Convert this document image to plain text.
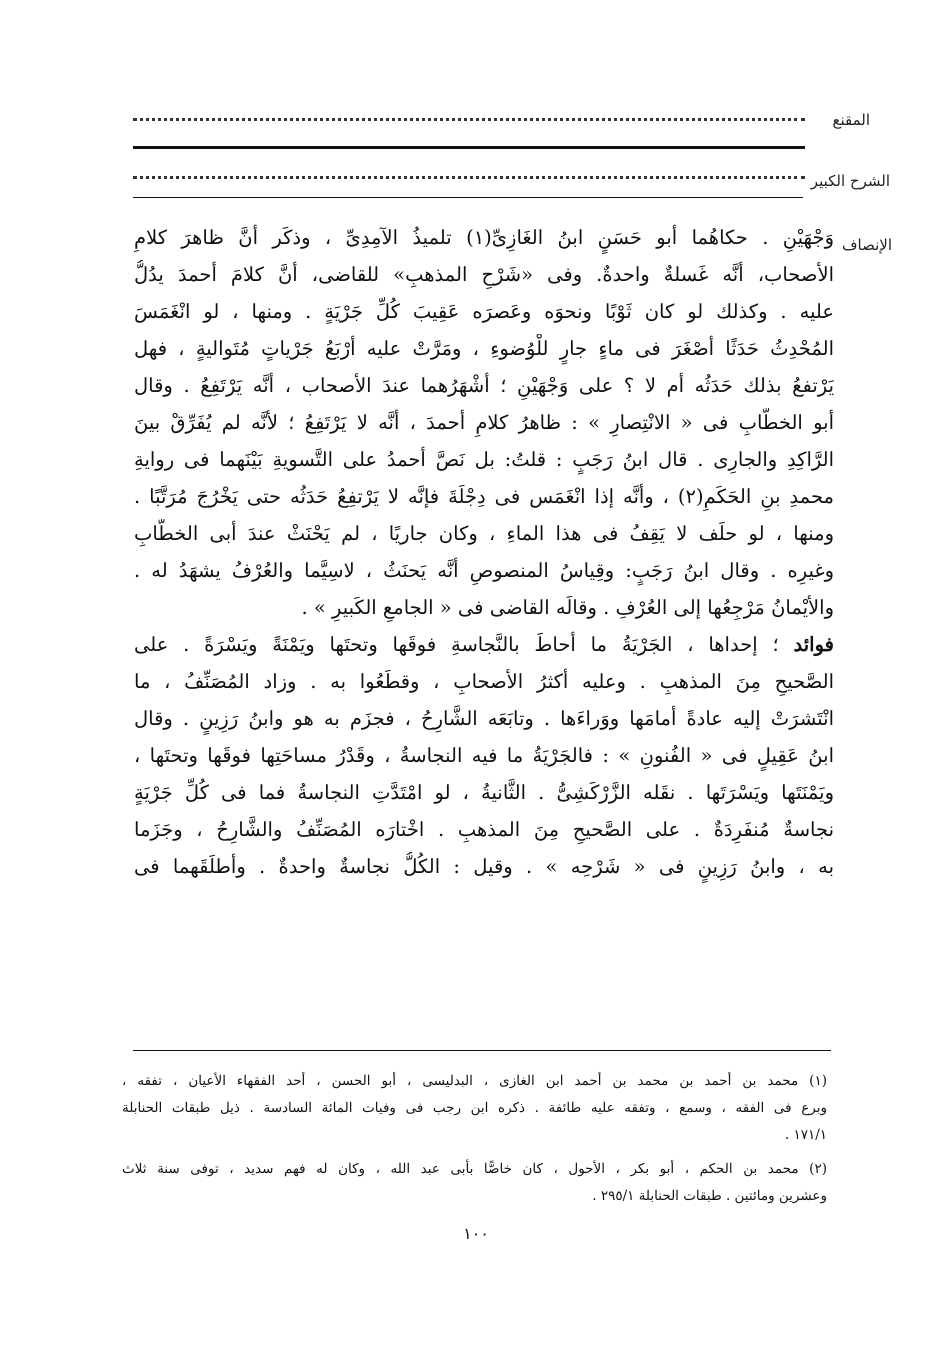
المقنع
الشرح الكبير
الإنصاف
وَجْهَيْنِ . حكاهُما أبو حَسَنٍ ابنُ الغَازِىِّ(١) تلميذُ الآمِدِىِّ ، وذكَر أنَّ ظاهرَ كلامِ
الأصحاب، أنَّه غَسلةٌ واحدةٌ. وفى «شَرْحِ المذهبِ» للقاضى، أنَّ كلامَ أحمدَ يدُلُّ
عليه . وكذلك لو كان ثَوْبًا ونحوَه وعَصرَه عَقِيبَ كُلِّ جَرْيَةٍ . ومنها ، لو انْغَمَسَ
المُحْدِثُ حَدَثًا أصْغَرَ فى ماءٍ جارٍ للْوُضوءِ ، ومَرَّتْ عليه أرْبَعُ جَرْياتٍ مُتَواليةٍ ، فهل
يَرْتفعُ بذلك حَدَثُه أم لا ؟ على وَجْهَيْنِ ؛ أشْهَرُهما عندَ الأصحاب ، أنَّه يَرْتَفِعُ . وقال
أبو الخطَّابِ فى « الانْتِصارِ » : ظاهرُ كلامِ أحمدَ ، أنَّه لا يَرْتَفِعُ ؛ لأنَّه لم يُفَرِّقْ بينَ
الرَّاكِدِ والجارِى . قال ابنُ رَجَبٍ : قلتُ: بل نَصَّ أحمدُ على التَّسويةِ بَيْنَهما فى روايةِ
محمدِ بنِ الحَكَمِ(٢) ، وأنَّه إذا انْغَمَس فى دِجْلَةَ فإنَّه لا يَرْتفِعُ حَدَثُه حتى يَخْرُجَ مُرَتَّبًا .
ومنها ، لو حلَف لا يَقِفُ فى هذا الماءِ ، وكان جاريًا ، لم يَحْنَثْ عندَ أبى الخطَّابِ
وغيرِه . وقال ابنُ رَجَبٍ: وقِياسُ المنصوصِ أنَّه يَحنَثُ ، لاسِيَّما والعُرْفُ يشهَدُ له .
والأيْمانُ مَرْجِعُها إلى العُرْفِ . وقالَه القاضى فى « الجامعِ الكَبيرِ » .
فوائد ؛ إحداها ، الجَرْيَةُ ما أحاطَ بالنَّجاسةِ فوقَها وتحتَها ويَمْنَةً ويَسْرَةً . على
الصَّحيحِ مِنَ المذهبِ . وعليه أكثرُ الأصحابِ ، وقطَعُوا به . وزاد المُصَنِّفُ ، ما
انْتَشرَتْ إليه عادةً أمامَها ووَراءَها . وتابَعَه الشَّارِحُ ، فجزَم به هو وابنُ رَزِينٍ . وقال
ابنُ عَقِيلٍ فى « الفُنونِ » : فالجَرْيَةُ ما فيه النجاسةُ ، وقَدْرُ مساحَتِها فوقَها وتحتَها ،
ويَمْنَتَها ويَسْرَتَها . نقَله الزَّرْكَشِىُّ . الثَّانيةُ ، لو امْتَدَّتِ النجاسةُ فما فى كُلِّ جَرْيَةٍ
نجاسةٌ مُنفَرِدَةٌ . على الصَّحيحِ مِنَ المذهبِ . اخْتارَه المُصَنِّفُ والشَّارِحُ ، وجَزَما
به ، وابنُ رَزِينٍ فى « شَرْحِه » . وقيل : الكُلُّ نجاسةٌ واحدةٌ . وأطلَقَهما فى
(١) محمد بن أحمد بن محمد بن أحمد ابن الغازى ، البدليسى ، أبو الحسن ، أحد الفقهاء الأعيان ، تفقه ،
وبرع فى الفقه ، وسمع ، وتفقه عليه طائفة . ذكره ابن رجب فى وفيات المائة السادسة . ذيل طبقات الحنابلة
١٧١/١ .
(٢) محمد بن الحكم ، أبو بكر ، الأحول ، كان خاصًّا بأبى عبد الله ، وكان له فهم سديد ، توفى سنة ثلاث
وعشرين ومائتين . طبقات الحنابلة ٢٩٥/١ .
١٠٠
